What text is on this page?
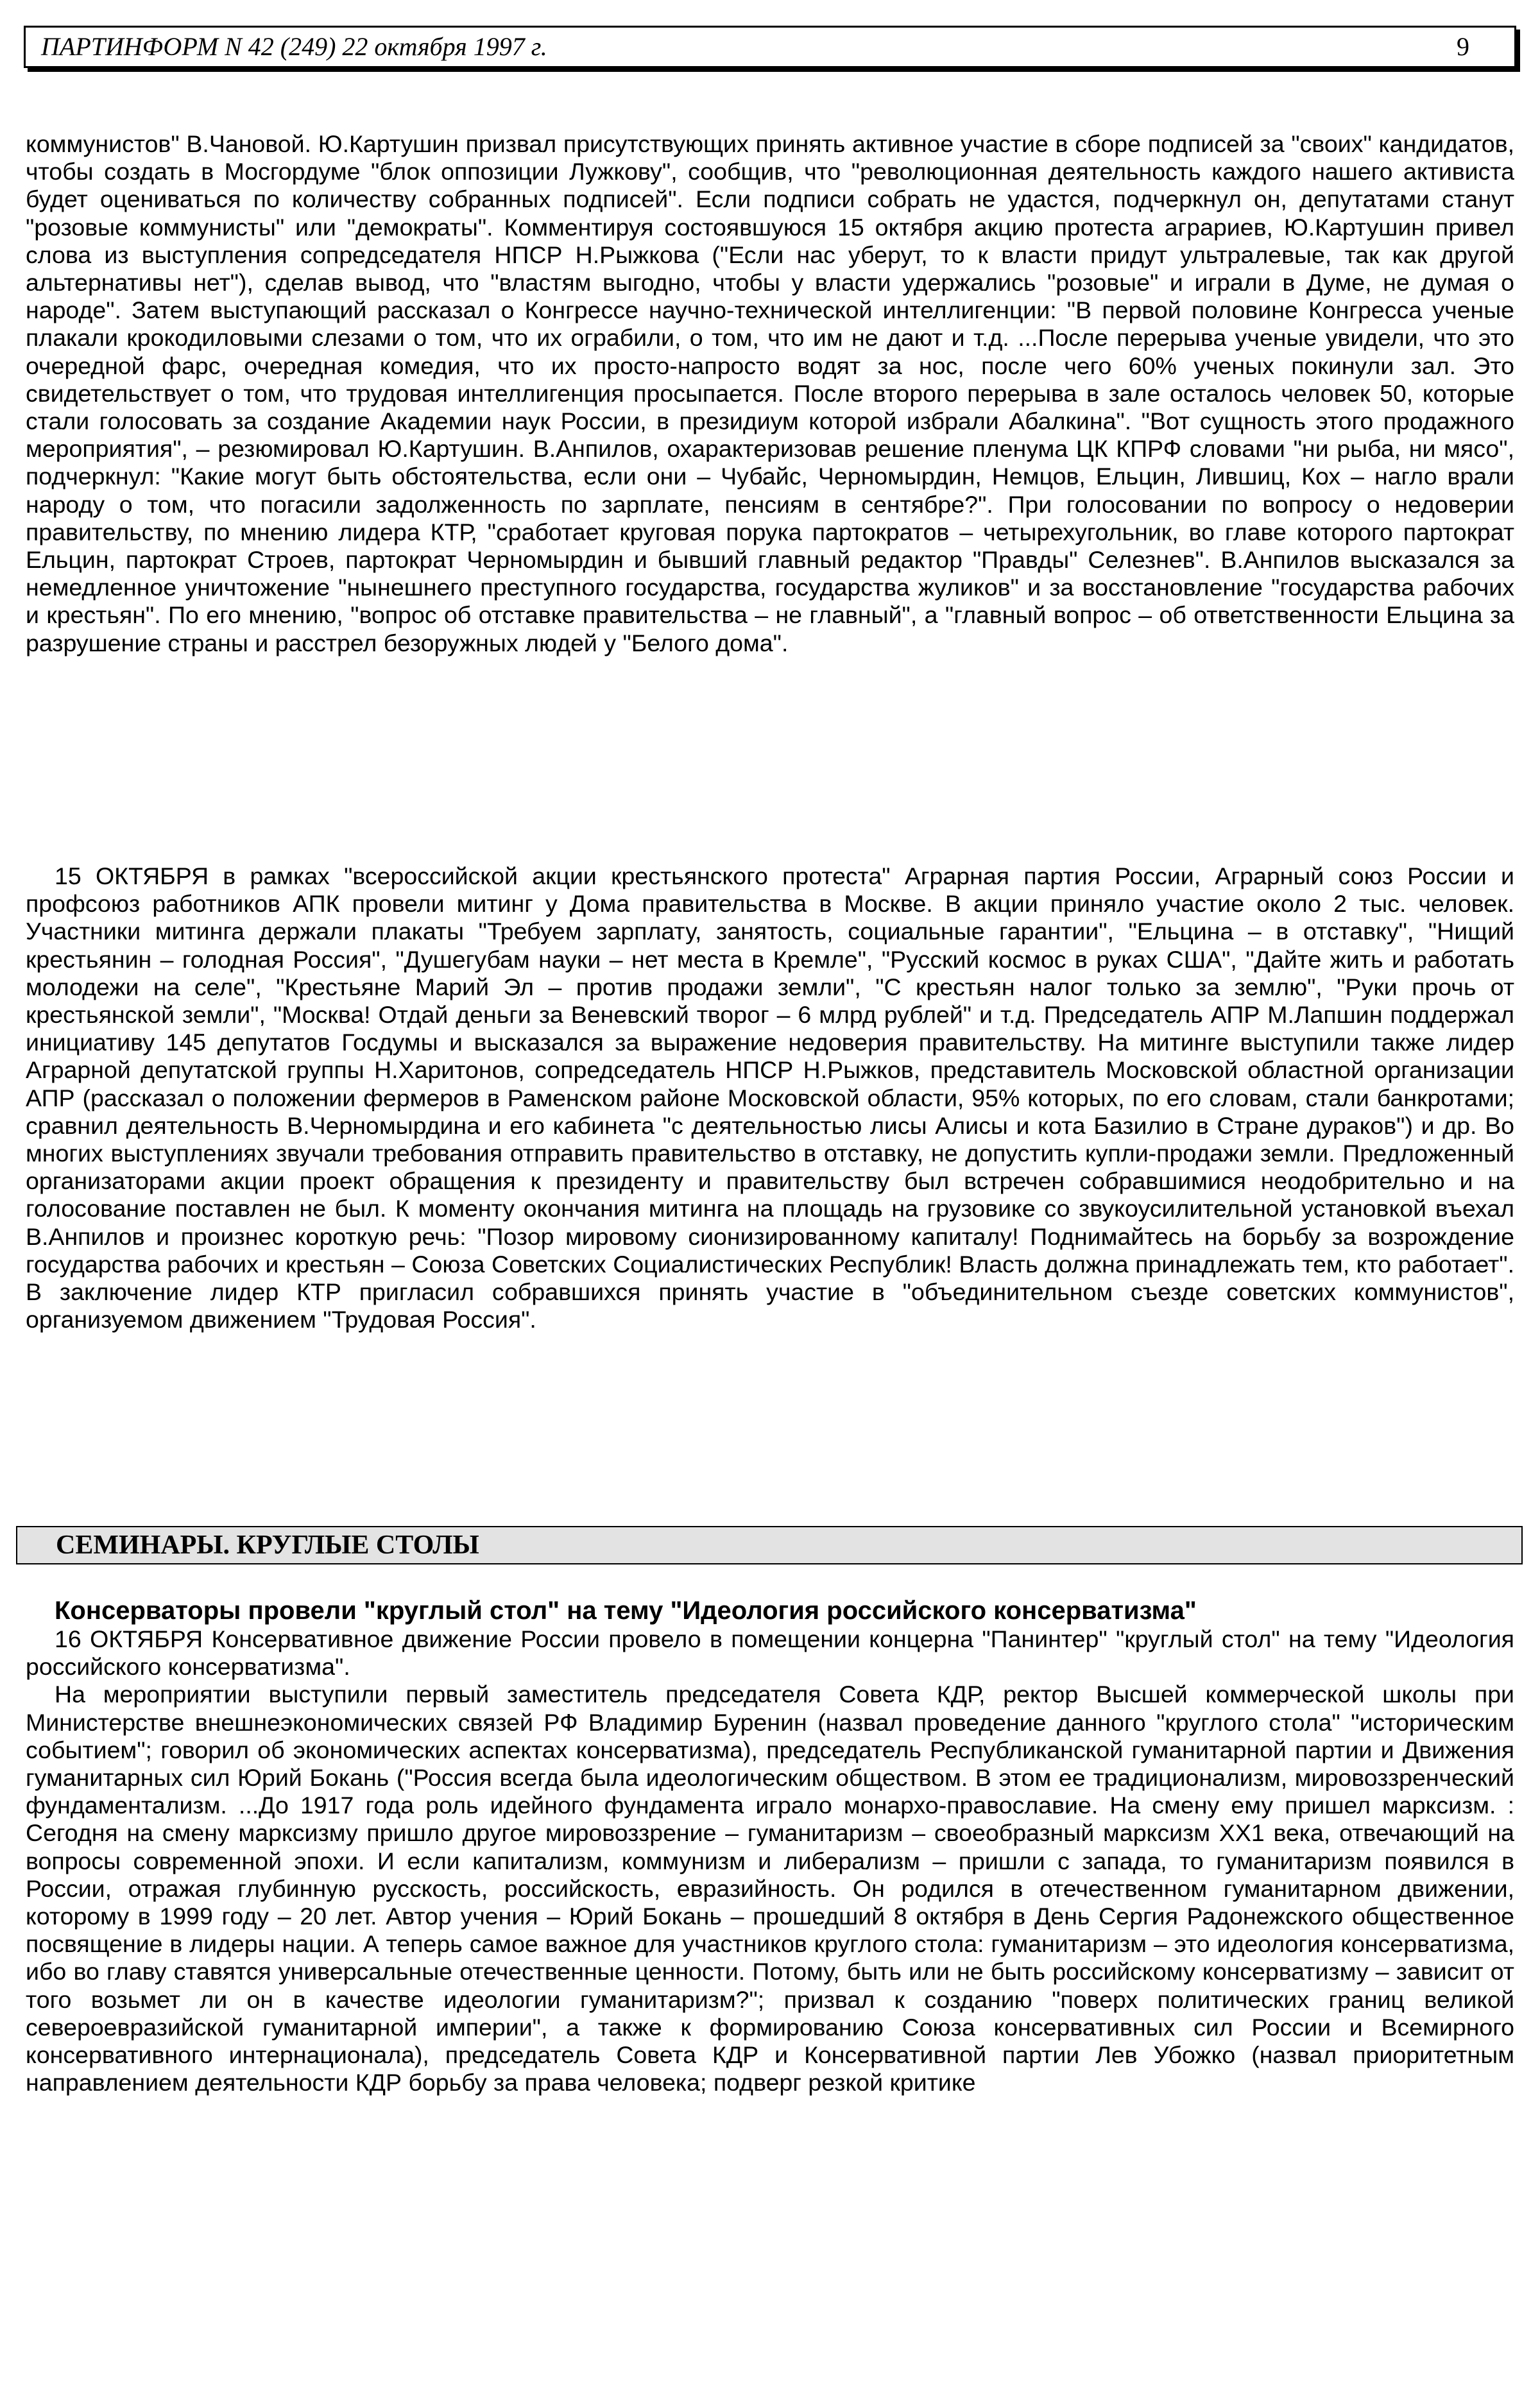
ПАРТИНФОРМ N 42 (249) 22 октября 1997 г.	9

коммунистов" В.Чановой. Ю.Картушин призвал присутствующих принять активное участие в сборе подписей за "своих" кандидатов, чтобы создать в Мосгордуме "блок оппозиции Лужкову", сообщив, что "революционная деятельность каждого нашего активиста будет оцениваться по количеству собранных подписей". Если подписи собрать не удастся, подчеркнул он, депутатами станут "розовые коммунисты" или "демократы". Комментируя состоявшуюся 15 октября акцию протеста аграриев, Ю.Картушин привел слова из выступления сопредседателя НПСР Н.Рыжкова ("Если нас уберут, то к власти придут ультралевые, так как другой альтернативы нет"), сделав вывод, что "властям выгодно, чтобы у власти удержались "розовые" и играли в Думе, не думая о народе". Затем выступающий рассказал о Конгрессе научно-технической интеллигенции: "В первой половине Конгресса ученые плакали крокодиловыми слезами о том, что их ограбили, о том, что им не дают и т.д. ...После перерыва ученые увидели, что это очередной фарс, очередная комедия, что их просто-напросто водят за нос, после чего 60% ученых покинули зал. Это свидетельствует о том, что трудовая интеллигенция просыпается. После второго перерыва в зале осталось человек 50, которые стали голосовать за создание Академии наук России, в президиум которой избрали Абалкина". "Вот сущность этого продажного мероприятия", – резюмировал Ю.Картушин. В.Анпилов, охарактеризовав решение пленума ЦК КПРФ словами "ни рыба, ни мясо", подчеркнул: "Какие могут быть обстоятельства, если они – Чубайс, Черномырдин, Немцов, Ельцин, Лившиц, Кох – нагло врали народу о том, что погасили задолженность по зарплате, пенсиям в сентябре?". При голосовании по вопросу о недоверии правительству, по мнению лидера КТР, "сработает круговая порука партократов – четырехугольник, во главе которого партократ Ельцин, партократ Строев, партократ Черномырдин и бывший главный редактор "Правды" Селезнев". В.Анпилов высказался за немедленное уничтожение "нынешнего преступного государства, государства жуликов" и за восстановление "государства рабочих и крестьян". По его мнению, "вопрос об отставке правительства – не главный", а "главный вопрос – об ответственности Ельцина за разрушение страны и расстрел безоружных людей у "Белого дома".

15 ОКТЯБРЯ в рамках "всероссийской акции крестьянского протеста" Аграрная партия России, Аграрный союз России и профсоюз работников АПК провели митинг у Дома правительства в Москве. В акции приняло участие около 2 тыс. человек. Участники митинга держали плакаты "Требуем зарплату, занятость, социальные гарантии", "Ельцина – в отставку", "Нищий крестьянин – голодная Россия", "Душегубам науки – нет места в Кремле", "Русский космос в руках США", "Дайте жить и работать молодежи на селе", "Крестьяне Марий Эл – против продажи земли", "С крестьян налог только за землю", "Руки прочь от крестьянской земли", "Москва! Отдай деньги за Веневский творог – 6 млрд рублей" и т.д. Председатель АПР М.Лапшин поддержал инициативу 145 депутатов Госдумы и высказался за выражение недоверия правительству. На митинге выступили также лидер Аграрной депутатской группы Н.Харитонов, сопредседатель НПСР Н.Рыжков, представитель Московской областной организации АПР (рассказал о положении фермеров в Раменском районе Московской области, 95% которых, по его словам, стали банкротами; сравнил деятельность В.Черномырдина и его кабинета "с деятельностью лисы Алисы и кота Базилио в Стране дураков") и др. Во многих выступлениях звучали требования отправить правительство в отставку, не допустить купли-продажи земли. Предложенный организаторами акции проект обращения к президенту и правительству был встречен собравшимися неодобрительно и на голосование поставлен не был. К моменту окончания митинга на площадь на грузовике со звукоусилительной установкой въехал В.Анпилов и произнес короткую речь: "Позор мировому сионизированному капиталу! Поднимайтесь на борьбу за возрождение государства рабочих и крестьян – Союза Советских Социалистических Республик! Власть должна принадлежать тем, кто работает". В заключение лидер КТР пригласил собравшихся принять участие в "объединительном съезде советских коммунистов", организуемом движением "Трудовая Россия".

СЕМИНАРЫ. КРУГЛЫЕ СТОЛЫ
Консерваторы провели "круглый стол" на тему "Идеология российского консерватизма"

16 ОКТЯБРЯ Консервативное движение России провело в помещении концерна "Панинтер" "круглый стол" на тему "Идеология российского консерватизма".

На мероприятии выступили первый заместитель председателя Совета КДР, ректор Высшей коммерческой школы при Министерстве внешнеэкономических связей РФ Владимир Буренин (назвал проведение данного "круглого стола" "историческим событием"; говорил об экономических аспектах консерватизма), председатель Республиканской гуманитарной партии и Движения гуманитарных сил Юрий Бокань ("Россия всегда была идеологическим обществом. В этом ее традиционализм, мировоззренческий фундаментализм. ...До 1917 года роль идейного фундамента играло монархо-православие. На смену ему пришел марксизм. : Сегодня на смену марксизму пришло другое мировоззрение – гуманитаризм – своеобразный марксизм ХХ1 века, отвечающий на вопросы современной эпохи. И если капитализм, коммунизм и либерализм – пришли с запада, то гуманитаризм появился в России, отражая глубинную русскость, российскость, евразийность. Он родился в отечественном гуманитарном движении, которому в 1999 году – 20 лет. Автор учения – Юрий Бокань – прошедший 8 октября в День Сергия Радонежского общественное посвящение в лидеры нации. А теперь самое важное для участников круглого стола: гуманитаризм – это идеология консерватизма, ибо во главу ставятся универсальные отечественные ценности. Потому, быть или не быть российскому консерватизму – зависит от того возьмет ли он в качестве идеологии гуманитаризм?"; призвал к созданию "поверх политических границ великой североевразийской гуманитарной империи", а также к формированию Союза консервативных сил России и Всемирного консервативного интернационала), председатель Совета КДР и Консервативной партии Лев Убожко (назвал приоритетным направлением деятельности КДР борьбу за права человека; подверг резкой критике
